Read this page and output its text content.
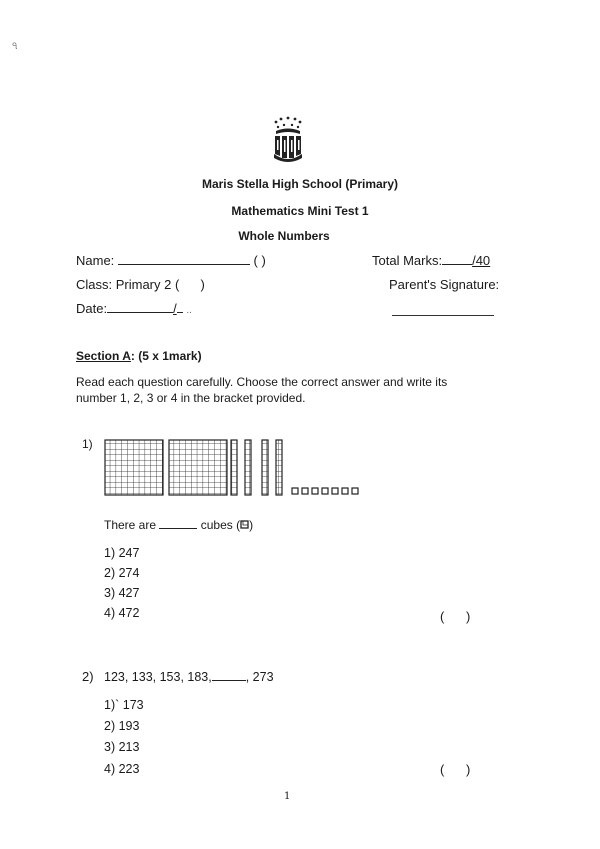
ঀ
Maris Stella High School (Primary)
Mathematics Mini Test 1
Whole Numbers
Name:	( )	Total Marks: /40
Class: Primary 2 ( )	Parent's Signature:
Date:	/ ..
Section A: (5 x 1mark)
Read each question carefully. Choose the correct answer and write its
number 1, 2, 3 or 4 in the bracket provided.
1)
There are	cubes ( )
1) 247
2) 274
3) 427
4) 472	(      )
2) 123, 133, 153, 183,	, 273
1)` 173
2) 193
3) 213
4) 223	(      )
1
